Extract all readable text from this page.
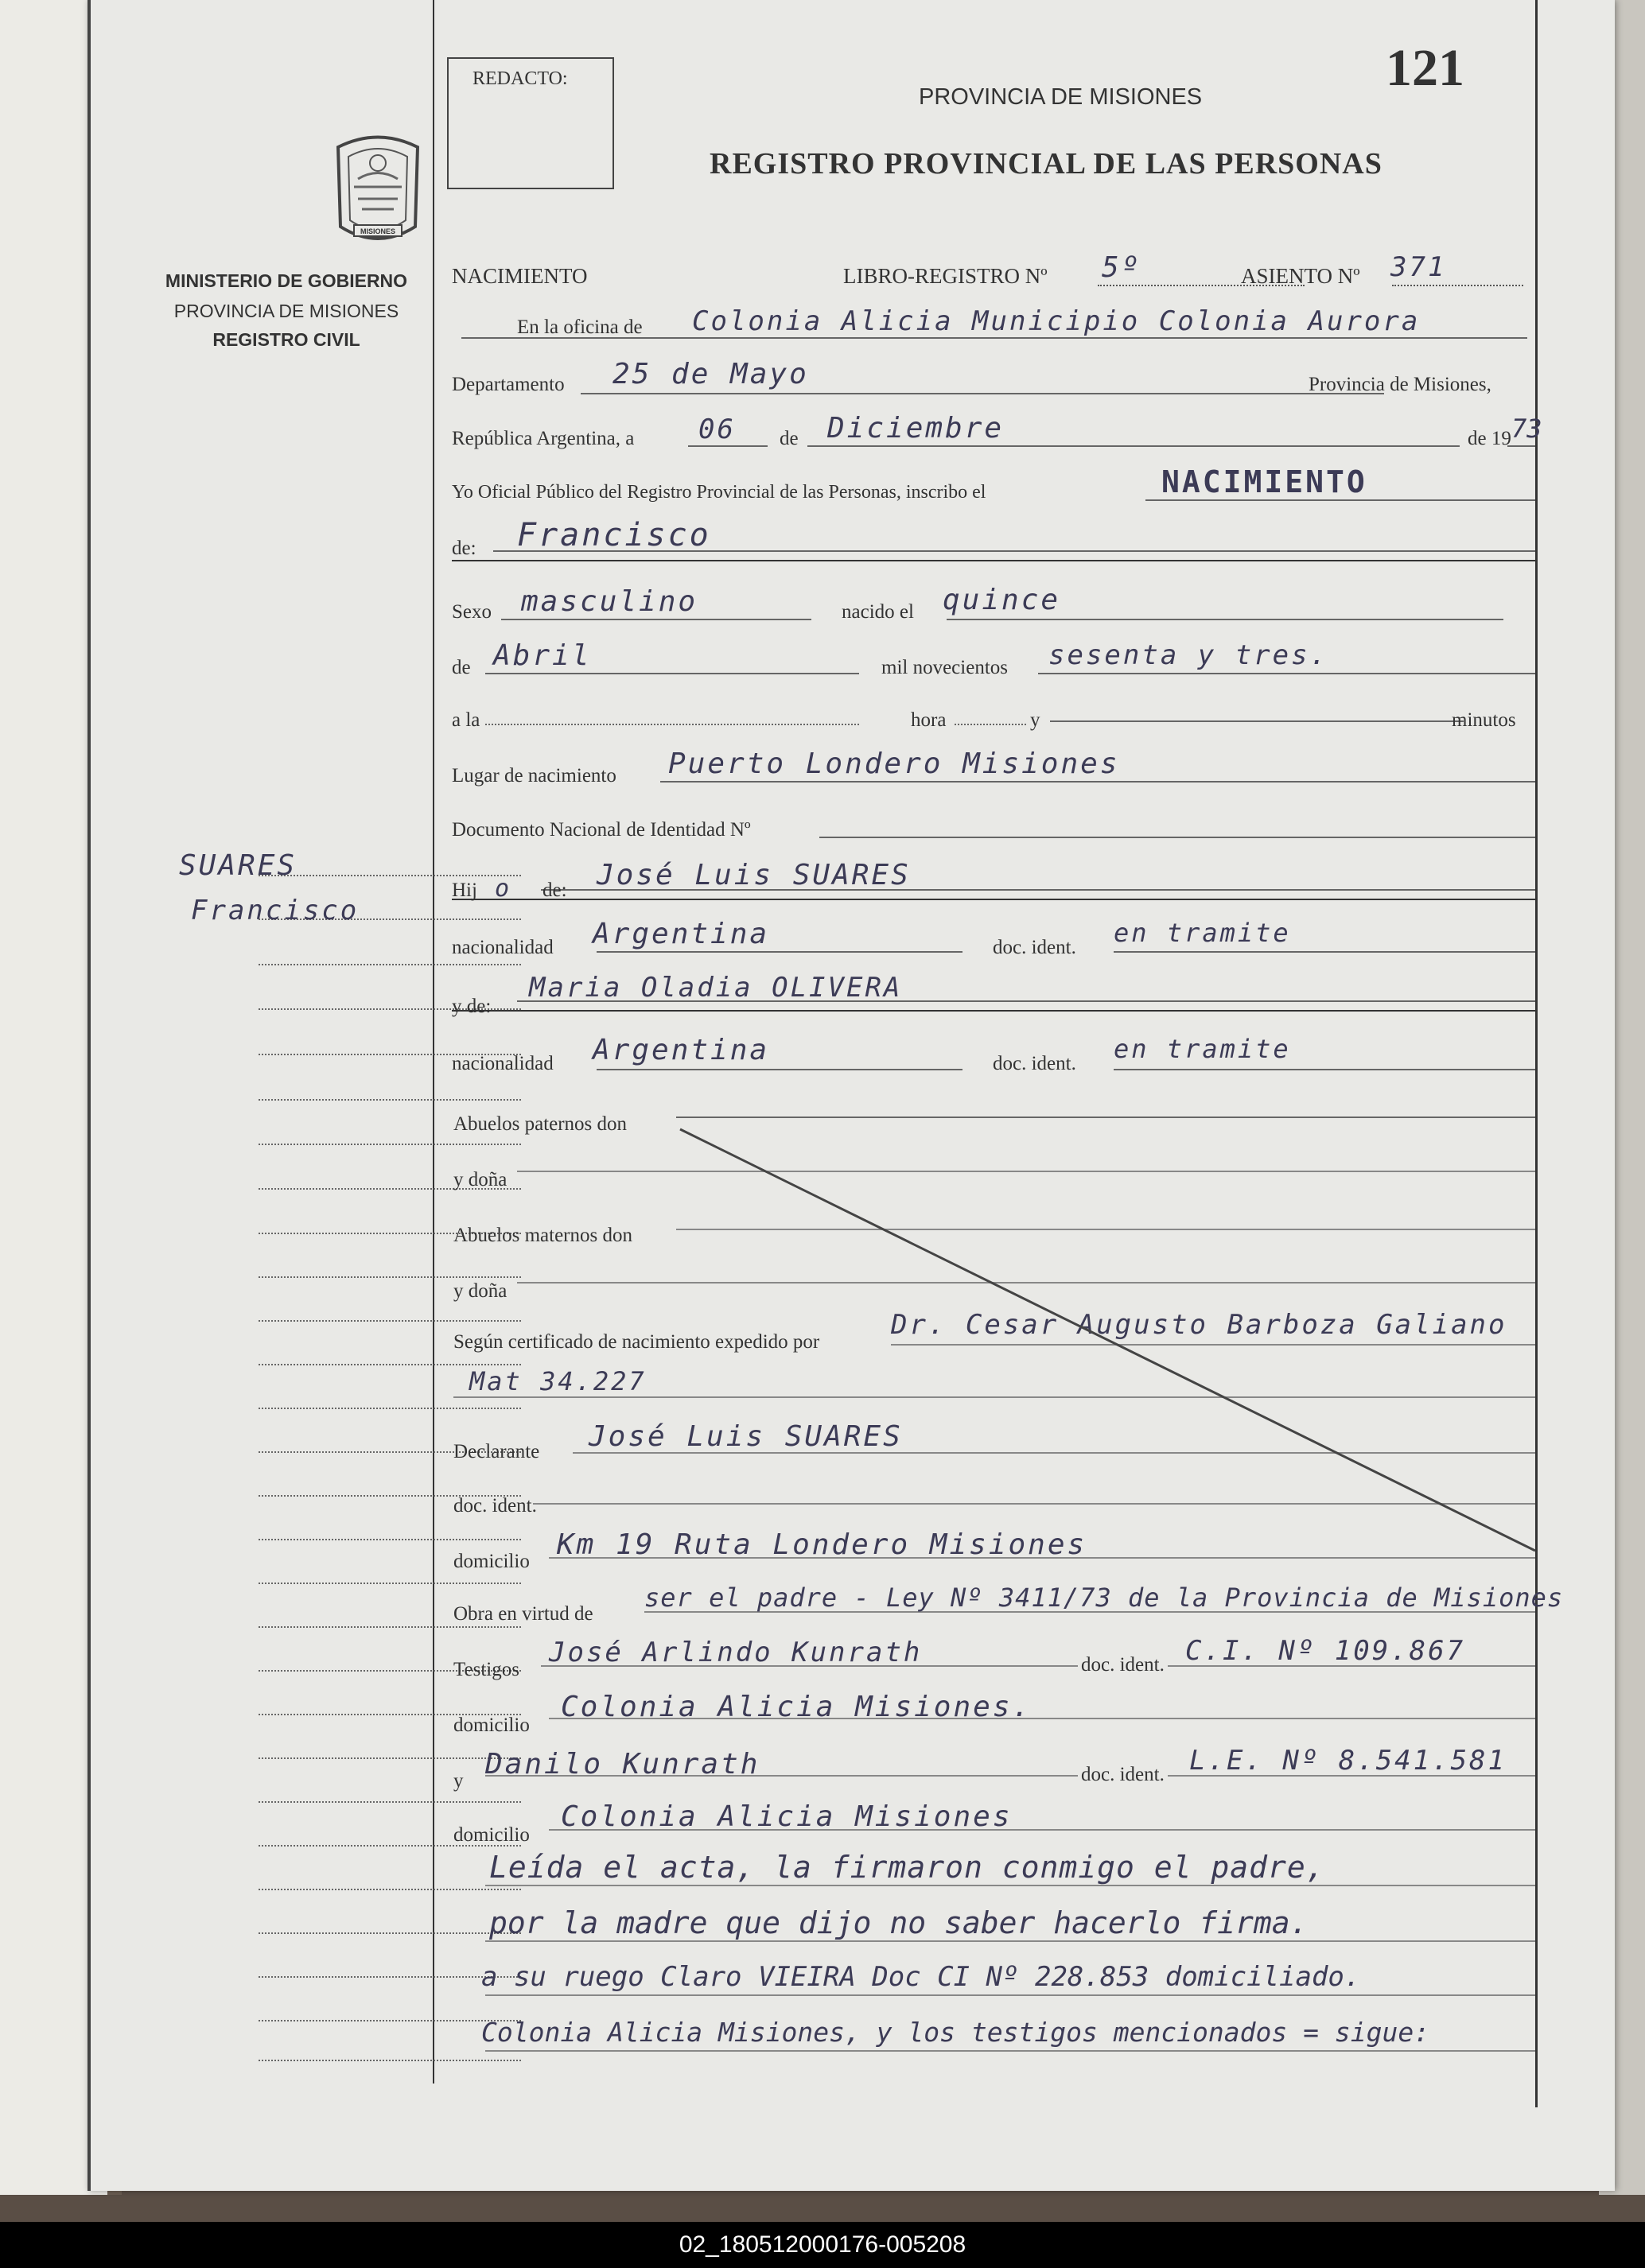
MISIONES
MINISTERIO DE GOBIERNO
PROVINCIA DE MISIONES
REGISTRO CIVIL
SUARES
Francisco
REDACTO:	121
PROVINCIA DE MISIONES
REGISTRO PROVINCIAL DE LAS PERSONAS
NACIMIENTO	LIBRO-REGISTRO Nº 5º	ASIENTO Nº 371
En la oficina de Colonia Alicia Municipio Colonia Aurora
Departamento 25 de Mayo	Provincia de Misiones,
República Argentina, a 06 de Diciembre	de 19 73
Yo Oficial Público del Registro Provincial de las Personas, inscribo el	NACIMIENTO
de: Francisco
Sexo masculino	nacido el quince
de Abril	mil novecientos sesenta y tres.
a la	hora	y	minutos
Lugar de nacimiento Puerto Londero Misiones
Documento Nacional de Identidad Nº
Hij o de: José Luis SUARES
nacionalidad Argentina	doc. ident. en tramite
y de:
Maria Oladia OLIVERA
nacionalidad Argentina	doc. ident. en tramite
Abuelos paternos don
y doña
Abuelos maternos don
y doña
Según certificado de nacimiento expedido por
Dr. Cesar Augusto Barboza Galiano
Mat 34.227
Declarante José Luis SUARES
doc. ident.
domicilio
Km 19 Ruta Londero Misiones
Obra en virtud de
ser el padre - Ley Nº 3411/73 de la Provincia de Misiones
Testigos
José Arlindo Kunrath	doc. ident. C.I. Nº 109.867
domicilio
Colonia Alicia Misiones.
y
Danilo Kunrath	doc. ident. L.E. Nº 8.541.581
domicilio
Colonia Alicia Misiones
Leída el acta, la firmaron conmigo el padre,
por la madre que dijo no saber hacerlo firma.
a su ruego Claro VIEIRA Doc CI Nº 228.853 domiciliado.
Colonia Alicia Misiones, y los testigos mencionados = sigue:
02_180512000176-005208
